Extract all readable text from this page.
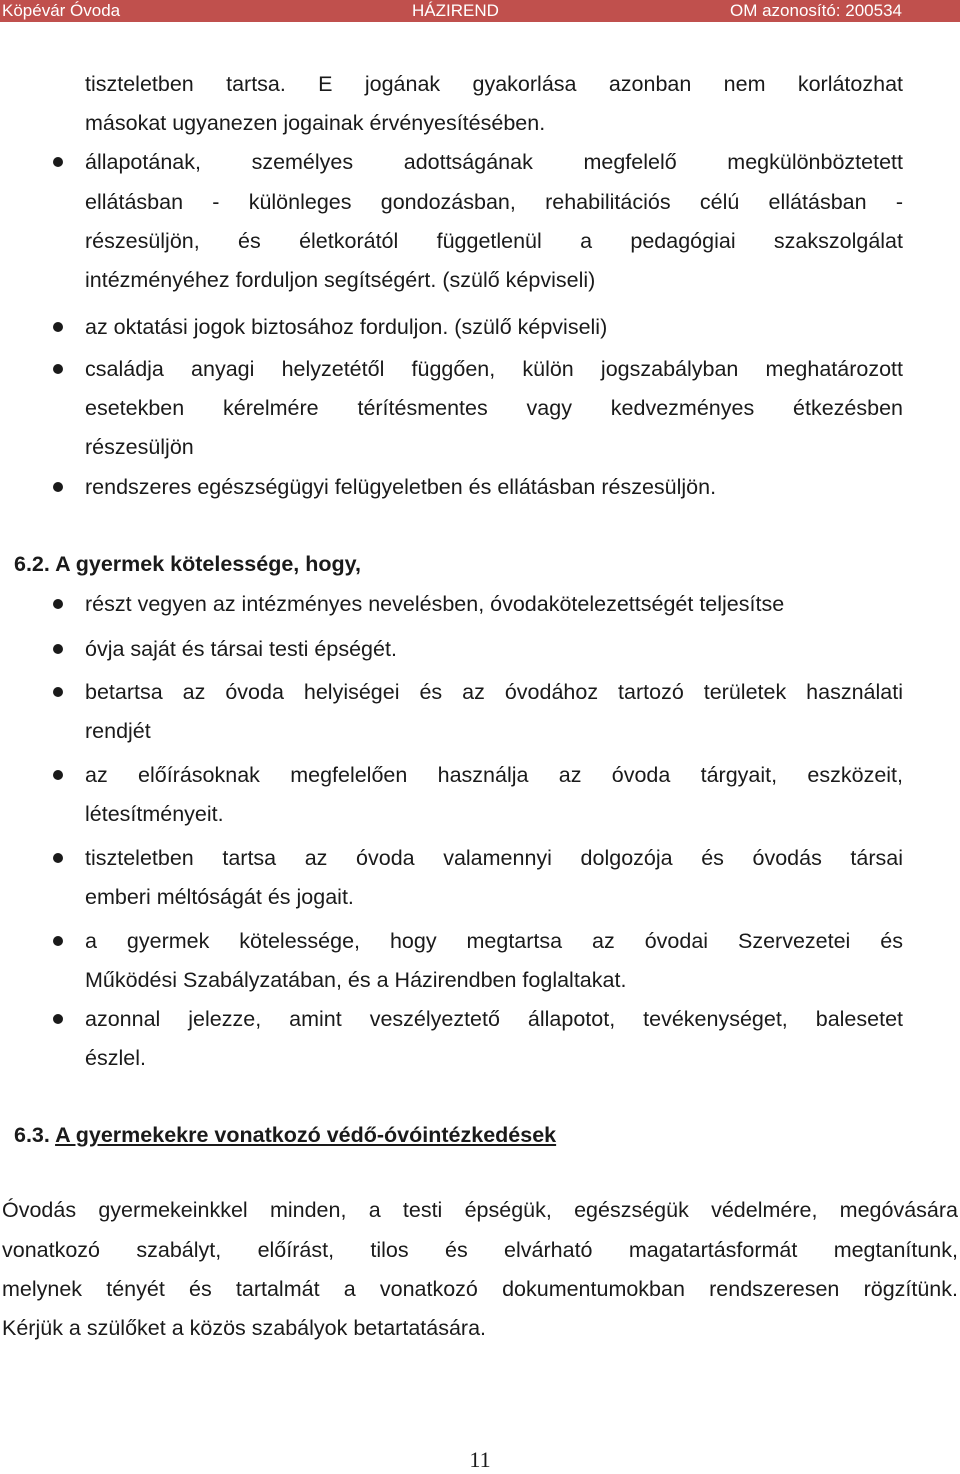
Köpévár Óvoda	HÁZIREND	OM azonosító: 200534
tiszteletben tartsa. E jogának gyakorlása azonban nem korlátozhat
másokat ugyanezen jogainak érvényesítésében.
állapotának, személyes adottságának megfelelő megkülönböztetett
ellátásban - különleges gondozásban, rehabilitációs célú ellátásban -
részesüljön, és életkorától függetlenül a pedagógiai szakszolgálat
intézményéhez forduljon segítségért. (szülő képviseli)
az oktatási jogok biztosához forduljon. (szülő képviseli)
családja anyagi helyzetétől függően, külön jogszabályban meghatározott
esetekben kérelmére térítésmentes vagy kedvezményes étkezésben
részesüljön
rendszeres egészségügyi felügyeletben és ellátásban részesüljön.
6.2. A gyermek kötelessége, hogy,
részt vegyen az intézményes nevelésben, óvodakötelezettségét teljesítse
óvja saját és társai testi épségét.
betartsa az óvoda helyiségei és az óvodához tartozó területek használati
rendjét
az előírásoknak megfelelően használja az óvoda tárgyait, eszközeit,
létesítményeit.
tiszteletben tartsa az óvoda valamennyi dolgozója és óvodás társai
emberi méltóságát és jogait.
a gyermek kötelessége, hogy megtartsa az óvodai Szervezetei és
Működési Szabályzatában, és a Házirendben foglaltakat.
azonnal jelezze, amint veszélyeztető állapotot, tevékenységet, balesetet
észlel.
6.3. A gyermekekre vonatkozó védő-óvóintézkedések
Óvodás gyermekeinkkel minden, a testi épségük, egészségük védelmére, megóvására
vonatkozó szabályt, előírást, tilos és elvárható magatartásformát megtanítunk,
melynek tényét és tartalmát a vonatkozó dokumentumokban rendszeresen rögzítünk.
Kérjük a szülőket a közös szabályok betartatására.
11
